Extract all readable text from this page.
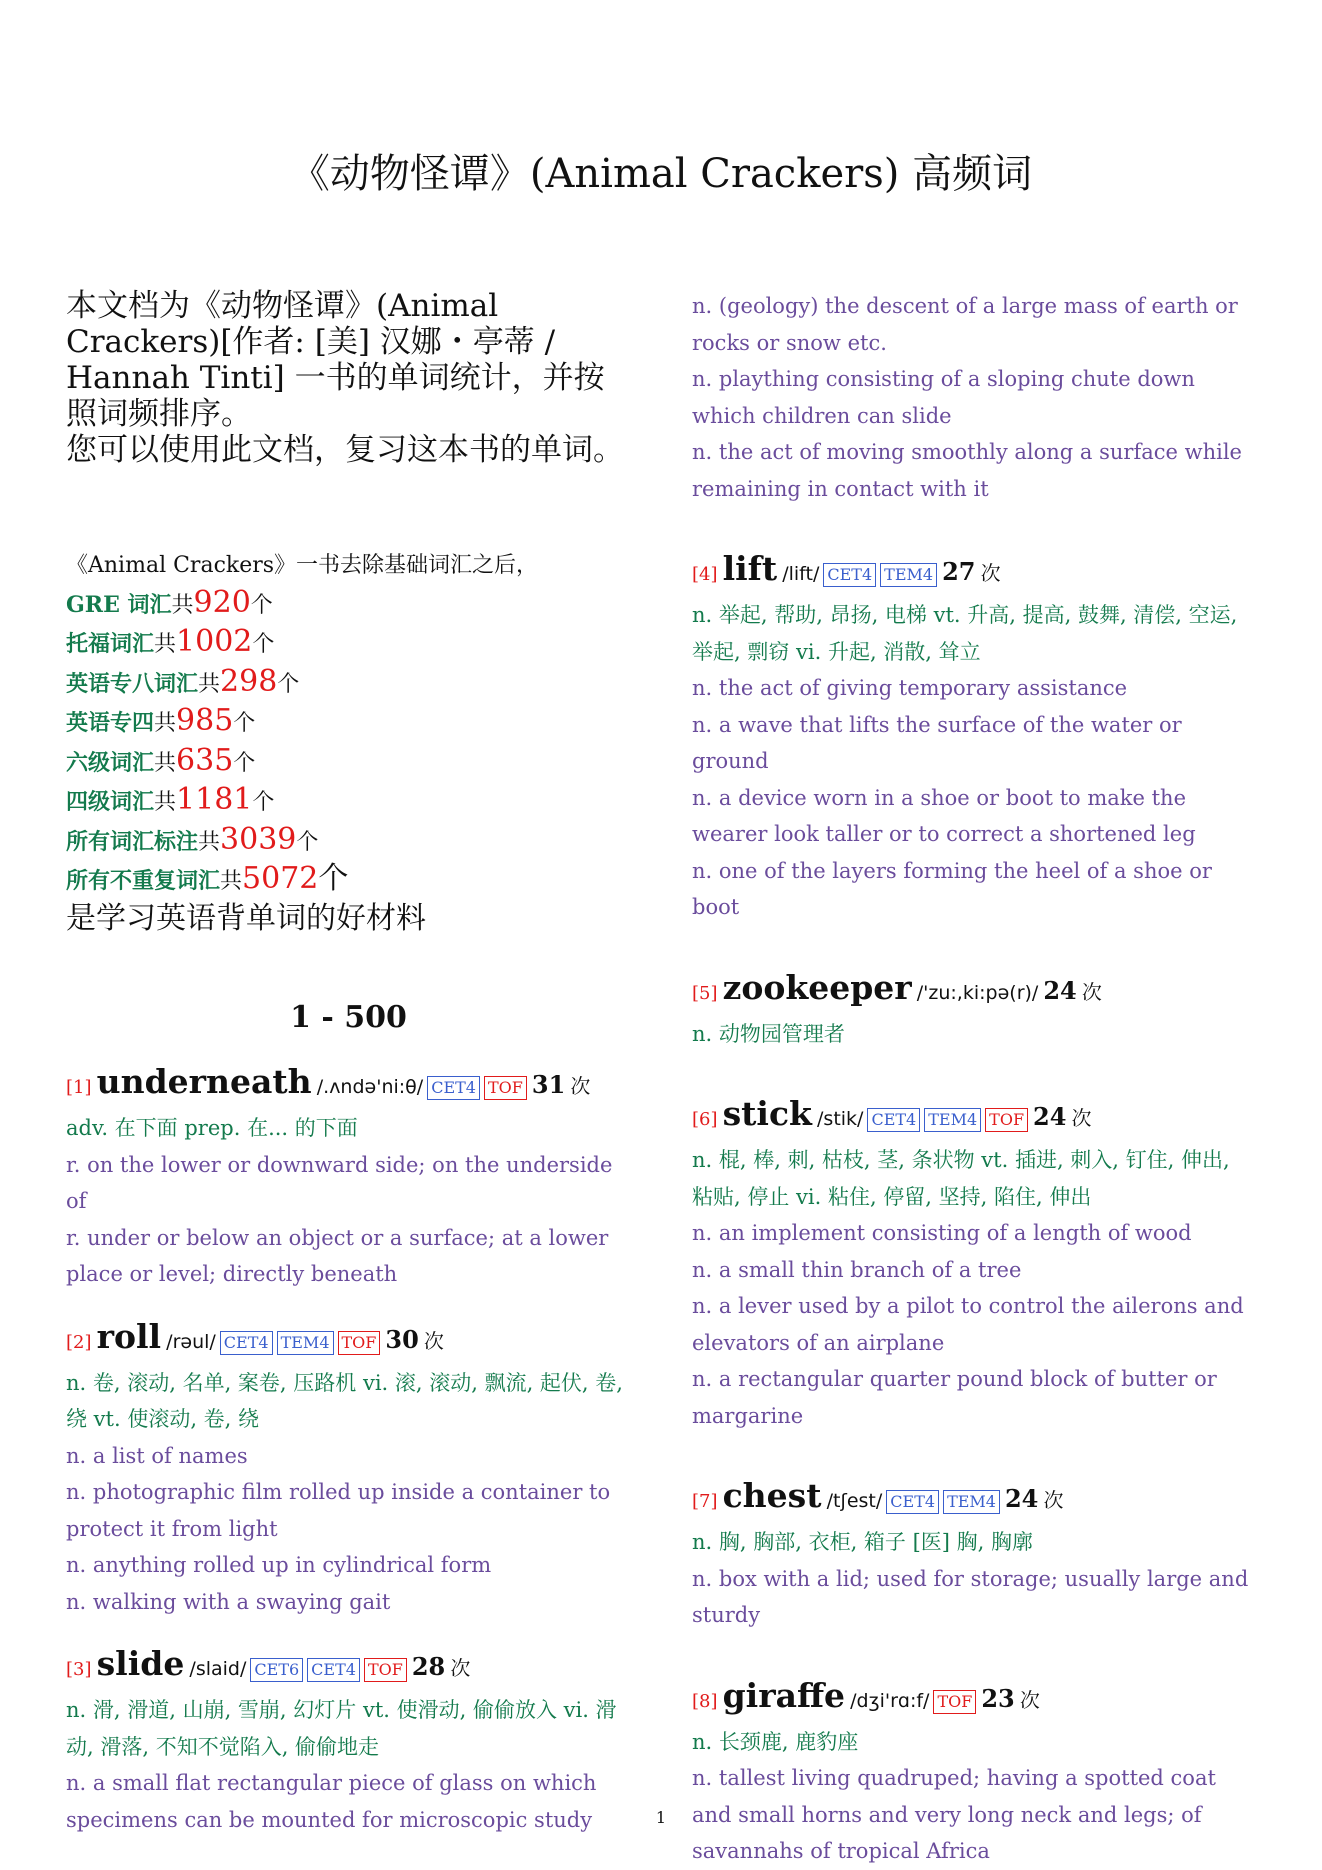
《动物怪谭》(Animal Crackers) 高频词
本文档为《动物怪谭》(Animal Crackers)[作者: [美] 汉娜・亭蒂 / Hannah Tinti] 一书的单词统计，并按照词频排序。
您可以使用此文档，复习这本书的单词。
《Animal Crackers》一书去除基础词汇之后，
GRE 词汇共920个
托福词汇共1002个
英语专八词汇共298个
英语专四共985个
六级词汇共635个
四级词汇共1181个
所有词汇标注共3039个
所有不重复词汇共5072个
是学习英语背单词的好材料
1 - 500
[1] underneath /.ʌndə'ni:θ/ CET4 TOF 31 次
adv. 在下面 prep. 在... 的下面
r. on the lower or downward side; on the underside of
r. under or below an object or a surface; at a lower place or level; directly beneath
[2] roll /rəul/ CET4 TEM4 TOF 30 次
n. 卷, 滚动, 名单, 案卷, 压路机 vi. 滚, 滚动, 飘流, 起伏, 卷, 绕 vt. 使滚动, 卷, 绕
n. a list of names
n. photographic film rolled up inside a container to protect it from light
n. anything rolled up in cylindrical form
n. walking with a swaying gait
[3] slide /slaid/ CET6 CET4 TOF 28 次
n. 滑, 滑道, 山崩, 雪崩, 幻灯片 vt. 使滑动, 偷偷放入 vi. 滑动, 滑落, 不知不觉陷入, 偷偷地走
n. a small flat rectangular piece of glass on which specimens can be mounted for microscopic study
n. (geology) the descent of a large mass of earth or rocks or snow etc.
n. plaything consisting of a sloping chute down which children can slide
n. the act of moving smoothly along a surface while remaining in contact with it
[4] lift /lift/ CET4 TEM4 27 次
n. 举起, 帮助, 昂扬, 电梯 vt. 升高, 提高, 鼓舞, 清偿, 空运, 举起, 剽窃 vi. 升起, 消散, 耸立
n. the act of giving temporary assistance
n. a wave that lifts the surface of the water or ground
n. a device worn in a shoe or boot to make the wearer look taller or to correct a shortened leg
n. one of the layers forming the heel of a shoe or boot
[5] zookeeper /'zu:,ki:pə(r)/ 24 次
n. 动物园管理者
[6] stick /stik/ CET4 TEM4 TOF 24 次
n. 棍, 棒, 刺, 枯枝, 茎, 条状物 vt. 插进, 刺入, 钉住, 伸出, 粘贴, 停止 vi. 粘住, 停留, 坚持, 陷住, 伸出
n. an implement consisting of a length of wood
n. a small thin branch of a tree
n. a lever used by a pilot to control the ailerons and elevators of an airplane
n. a rectangular quarter pound block of butter or margarine
[7] chest /tʃest/ CET4 TEM4 24 次
n. 胸, 胸部, 衣柜, 箱子 [医] 胸, 胸廓
n. box with a lid; used for storage; usually large and sturdy
[8] giraffe /dʒi'rɑ:f/ TOF 23 次
n. 长颈鹿, 鹿豹座
n. tallest living quadruped; having a spotted coat and small horns and very long neck and legs; of savannahs of tropical Africa
1
